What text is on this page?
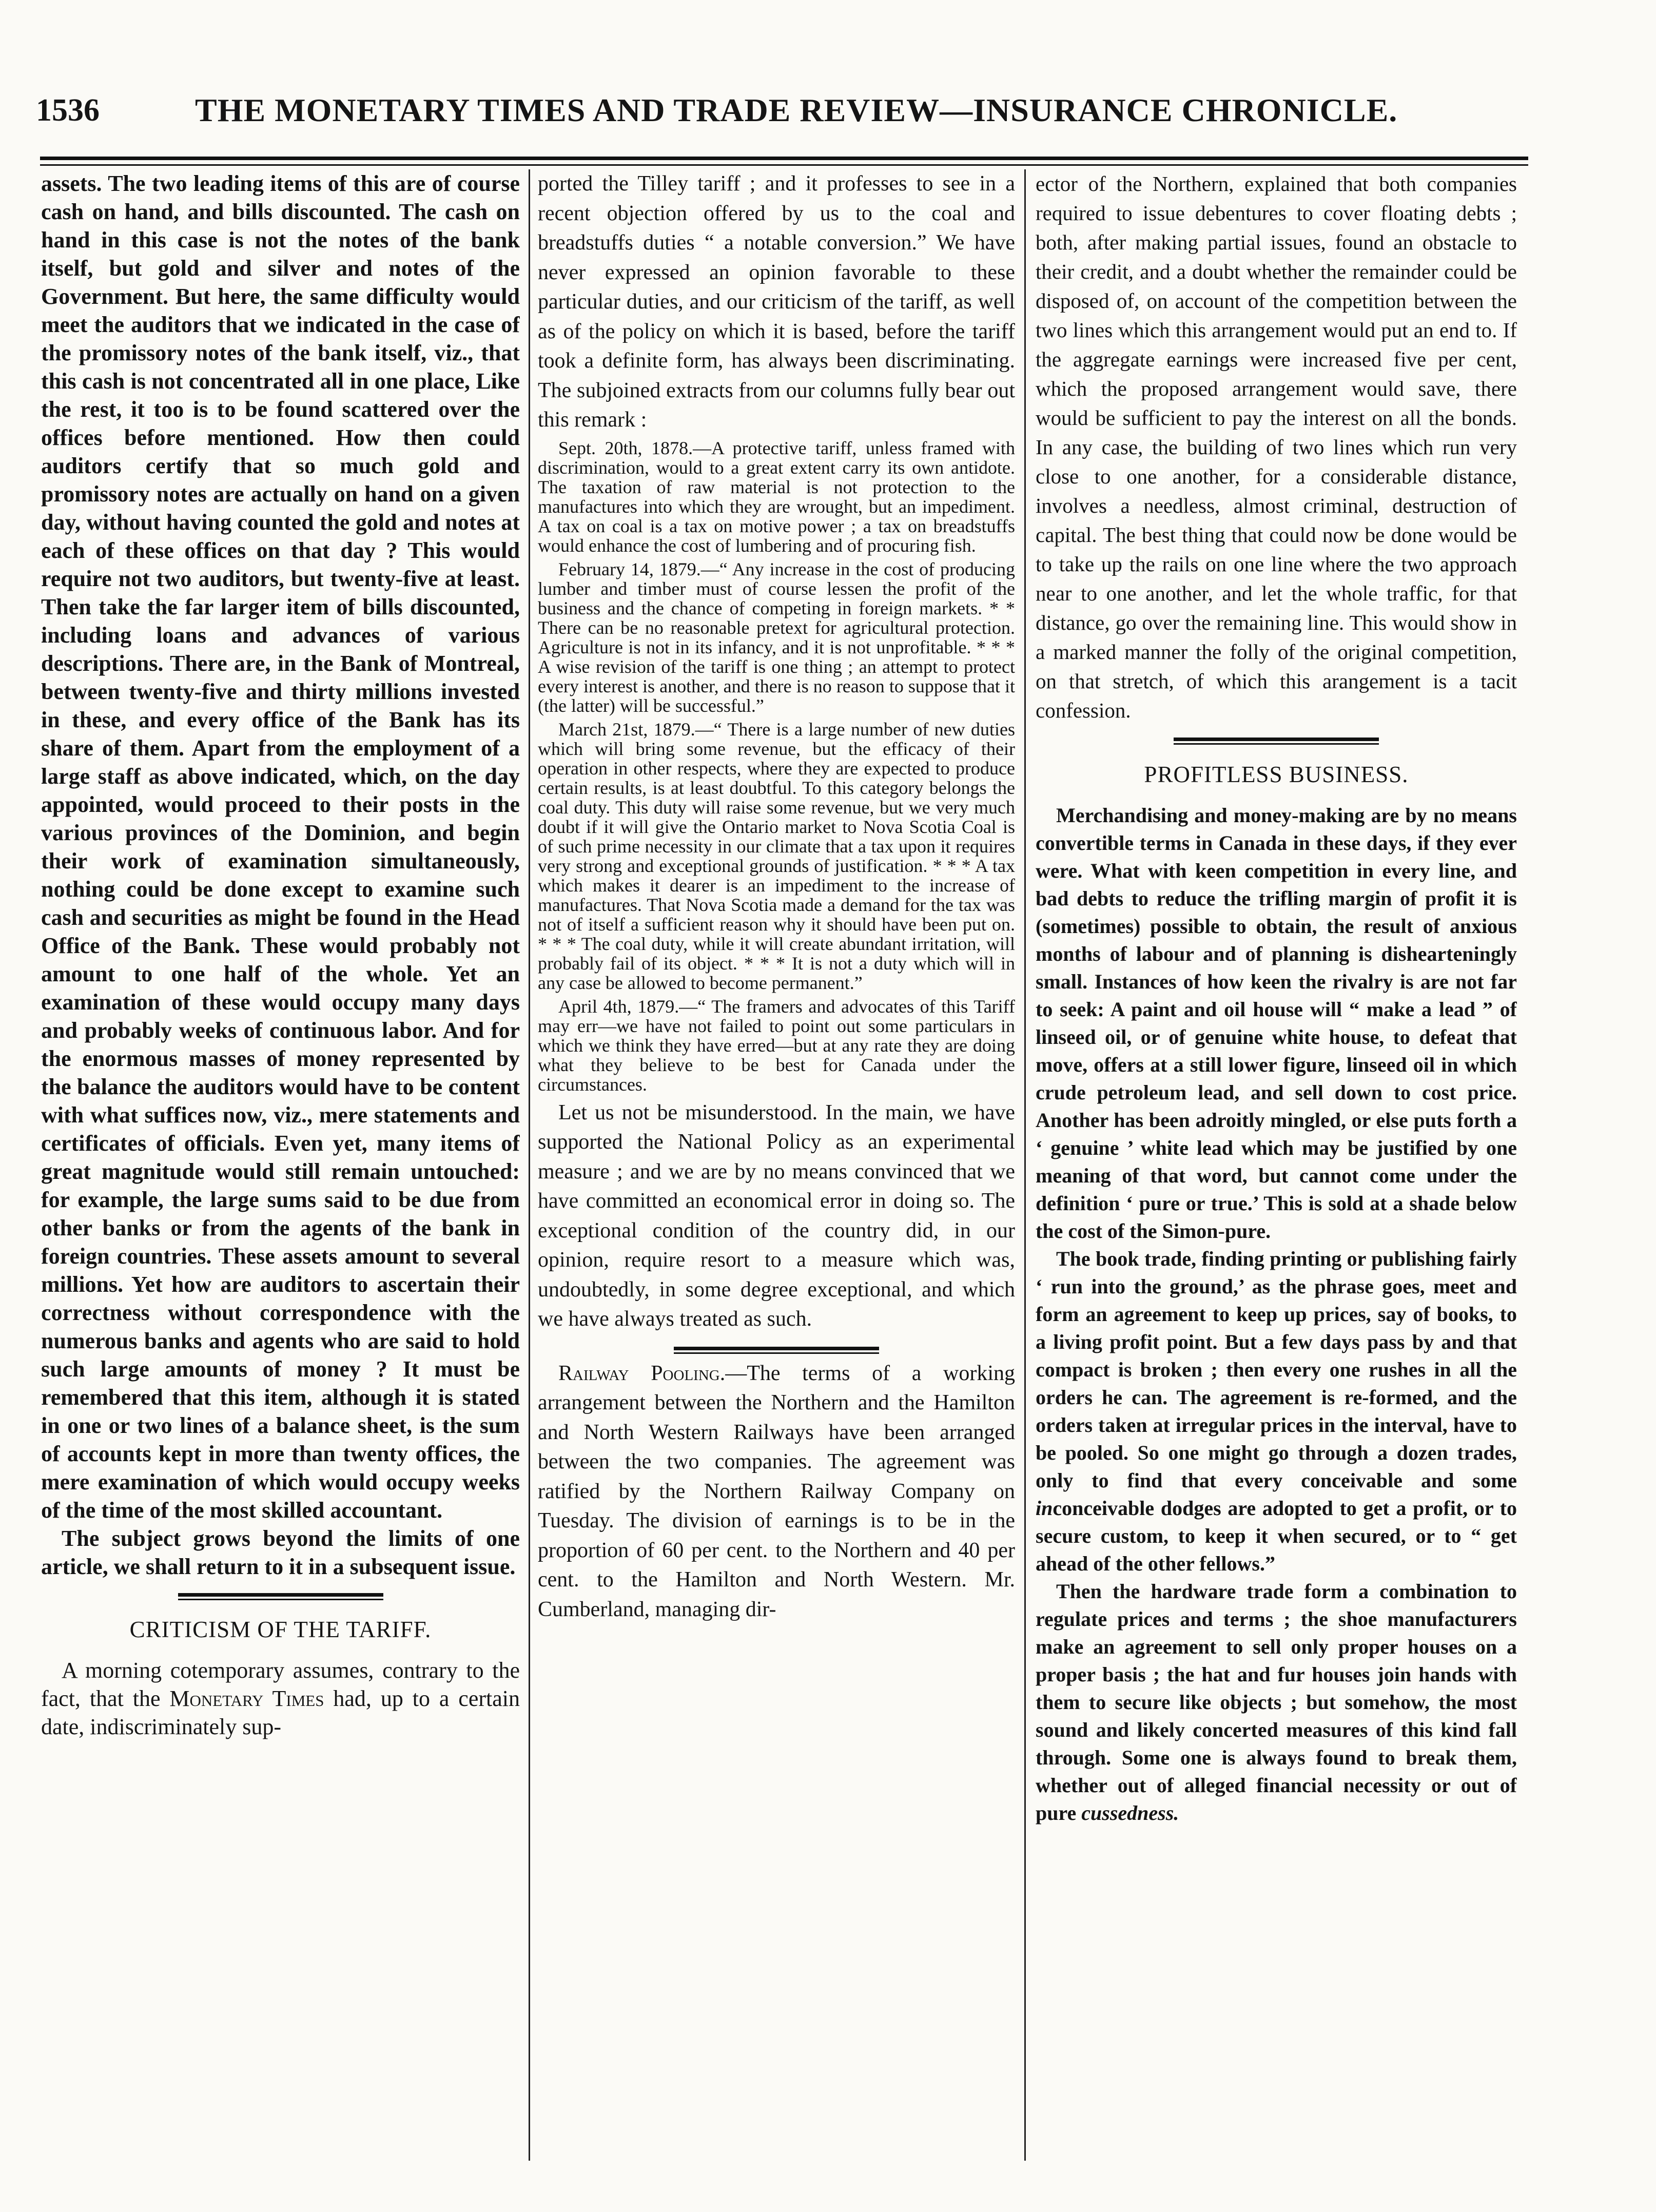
1536	THE MONETARY TIMES AND TRADE REVIEW—INSURANCE CHRONICLE.

assets. The two leading items of this are of course cash on hand, and bills discounted. The cash on hand in this case is not the notes of the bank itself, but gold and silver and notes of the Government. But here, the same difficulty would meet the auditors that we indicated in the case of the promissory notes of the bank itself, viz., that this cash is not concentrated all in one place, Like the rest, it too is to be found scattered over the offices before mentioned. How then could auditors certify that so much gold and promissory notes are actually on hand on a given day, without having counted the gold and notes at each of these offices on that day ? This would require not two auditors, but twenty-five at least. Then take the far larger item of bills discounted, including loans and advances of various descriptions. There are, in the Bank of Montreal, between twenty-five and thirty millions invested in these, and every office of the Bank has its share of them. Apart from the employment of a large staff as above indicated, which, on the day appointed, would proceed to their posts in the various provinces of the Dominion, and begin their work of examination simultaneously, nothing could be done except to examine such cash and securities as might be found in the Head Office of the Bank. These would probably not amount to one half of the whole. Yet an examination of these would occupy many days and probably weeks of continuous labor. And for the enormous masses of money represented by the balance the auditors would have to be content with what suffices now, viz., mere statements and certificates of officials. Even yet, many items of great magnitude would still remain untouched: for example, the large sums said to be due from other banks or from the agents of the bank in foreign countries. These assets amount to several millions. Yet how are auditors to ascertain their correctness without correspondence with the numerous banks and agents who are said to hold such large amounts of money ? It must be remembered that this item, although it is stated in one or two lines of a balance sheet, is the sum of accounts kept in more than twenty offices, the mere examination of which would occupy weeks of the time of the most skilled accountant.

The subject grows beyond the limits of one article, we shall return to it in a subsequent issue.

CRITICISM OF THE TARIFF.

A morning cotemporary assumes, contrary to the fact, that the Monetary Times had, up to a certain date, indiscriminately sup-

ported the Tilley tariff ; and it professes to see in a recent objection offered by us to the coal and breadstuffs duties “ a notable conversion.” We have never expressed an opinion favorable to these particular duties, and our criticism of the tariff, as well as of the policy on which it is based, before the tariff took a definite form, has always been discriminating. The subjoined extracts from our columns fully bear out this remark :

Sept. 20th, 1878.—A protective tariff, unless framed with discrimination, would to a great extent carry its own antidote. The taxation of raw material is not protection to the manufactures into which they are wrought, but an impediment. A tax on coal is a tax on motive power ; a tax on breadstuffs would enhance the cost of lumbering and of procuring fish.

February 14, 1879.—“ Any increase in the cost of producing lumber and timber must of course lessen the profit of the business and the chance of competing in foreign markets. * * There can be no reasonable pretext for agricultural protection. Agriculture is not in its infancy, and it is not unprofitable. * * * A wise revision of the tariff is one thing ; an attempt to protect every interest is another, and there is no reason to suppose that it (the latter) will be successful.”

March 21st, 1879.—“ There is a large number of new duties which will bring some revenue, but the efficacy of their operation in other respects, where they are expected to produce certain results, is at least doubtful. To this category belongs the coal duty. This duty will raise some revenue, but we very much doubt if it will give the Ontario market to Nova Scotia Coal is of such prime necessity in our climate that a tax upon it requires very strong and exceptional grounds of justification. * * * A tax which makes it dearer is an impediment to the increase of manufactures. That Nova Scotia made a demand for the tax was not of itself a sufficient reason why it should have been put on. * * * The coal duty, while it will create abundant irritation, will probably fail of its object. * * * It is not a duty which will in any case be allowed to become permanent.”

April 4th, 1879.—“ The framers and advocates of this Tariff may err—we have not failed to point out some particulars in which we think they have erred—but at any rate they are doing what they believe to be best for Canada under the circumstances.

Let us not be misunderstood. In the main, we have supported the National Policy as an experimental measure ; and we are by no means convinced that we have committed an economical error in doing so. The exceptional condition of the country did, in our opinion, require resort to a measure which was, undoubtedly, in some degree exceptional, and which we have always treated as such.

Railway Pooling.—The terms of a working arrangement between the Northern and the Hamilton and North Western Railways have been arranged between the two companies. The agreement was ratified by the Northern Railway Company on Tuesday. The division of earnings is to be in the proportion of 60 per cent. to the Northern and 40 per cent. to the Hamilton and North Western. Mr. Cumberland, managing dir-

ector of the Northern, explained that both companies required to issue debentures to cover floating debts ; both, after making partial issues, found an obstacle to their credit, and a doubt whether the remainder could be disposed of, on account of the competition between the two lines which this arrangement would put an end to. If the aggregate earnings were increased five per cent, which the proposed arrangement would save, there would be sufficient to pay the interest on all the bonds. In any case, the building of two lines which run very close to one another, for a considerable distance, involves a needless, almost criminal, destruction of capital. The best thing that could now be done would be to take up the rails on one line where the two approach near to one another, and let the whole traffic, for that distance, go over the remaining line. This would show in a marked manner the folly of the original competition, on that stretch, of which this arangement is a tacit confession.

PROFITLESS BUSINESS.

Merchandising and money-making are by no means convertible terms in Canada in these days, if they ever were. What with keen competition in every line, and bad debts to reduce the trifling margin of profit it is (sometimes) possible to obtain, the result of anxious months of labour and of planning is dishearteningly small. Instances of how keen the rivalry is are not far to seek: A paint and oil house will “ make a lead ” of linseed oil, or of genuine white house, to defeat that move, offers at a still lower figure, linseed oil in which crude petroleum lead, and sell down to cost price. Another has been adroitly mingled, or else puts forth a ‘ genuine ’ white lead which may be justified by one meaning of that word, but cannot come under the definition ‘ pure or true.’ This is sold at a shade below the cost of the Simon-pure.

The book trade, finding printing or publishing fairly ‘ run into the ground,’ as the phrase goes, meet and form an agreement to keep up prices, say of books, to a living profit point. But a few days pass by and that compact is broken ; then every one rushes in all the orders he can. The agreement is re-formed, and the orders taken at irregular prices in the interval, have to be pooled. So one might go through a dozen trades, only to find that every conceivable and some inconceivable dodges are adopted to get a profit, or to secure custom, to keep it when secured, or to “ get ahead of the other fellows.”

Then the hardware trade form a combination to regulate prices and terms ; the shoe manufacturers make an agreement to sell only proper houses on a proper basis ; the hat and fur houses join hands with them to secure like objects ; but somehow, the most sound and likely concerted measures of this kind fall through. Some one is always found to break them, whether out of alleged financial necessity or out of pure cussedness.
